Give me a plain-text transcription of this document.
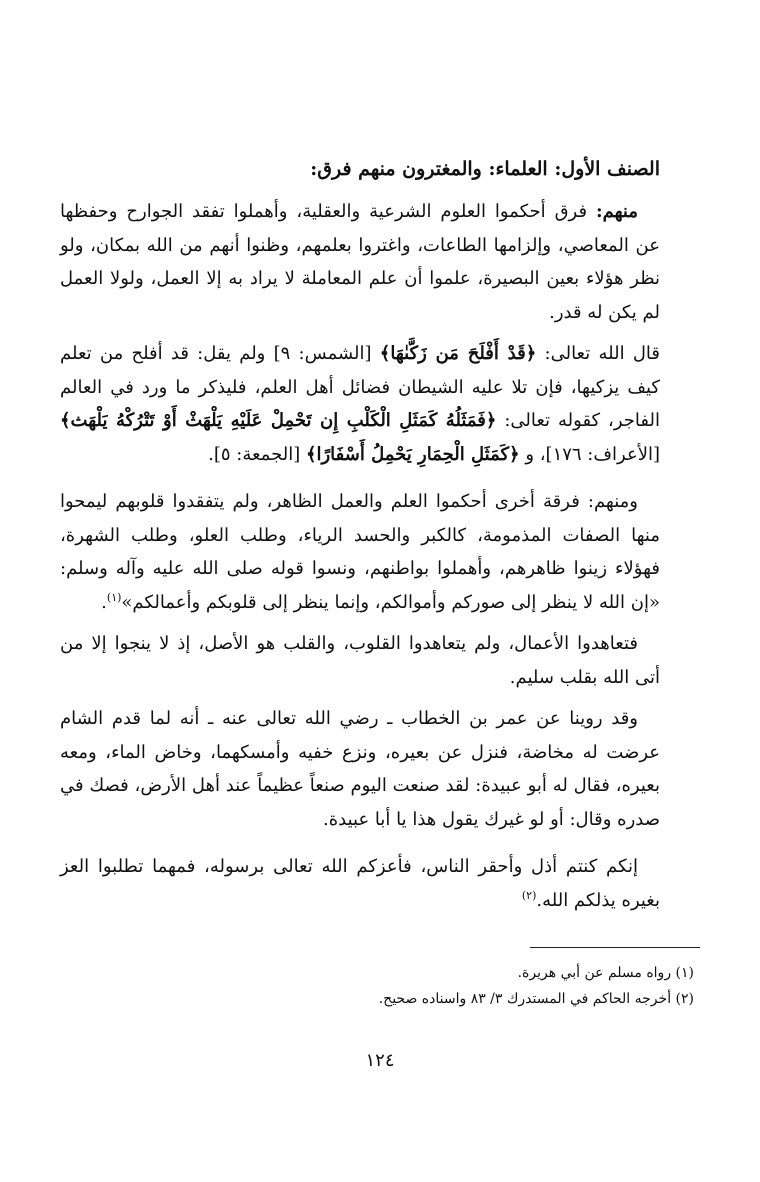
الصنف الأول: العلماء: والمغترون منهم فرق:

منهم: فرق أحكموا العلوم الشرعية والعقلية، وأهملوا تفقد الجوارح وحفظها عن المعاصي، وإلزامها الطاعات، واغتروا بعلمهم، وظنوا أنهم من الله بمكان، ولو نظر هؤلاء بعين البصيرة، علموا أن علم المعاملة لا يراد به إلا العمل، ولولا العمل لم يكن له قدر.

قال الله تعالى: ﴿قَدْ أَفْلَحَ مَن زَكَّىٰهَا﴾ [الشمس: ٩] ولم يقل: قد أفلح من تعلم كيف يزكيها، فإن تلا عليه الشيطان فضائل أهل العلم، فليذكر ما ورد في العالم الفاجر، كقوله تعالى: ﴿فَمَثَلُهُ كَمَثَلِ الْكَلْبِ إِن تَحْمِلْ عَلَيْهِ يَلْهَثْ أَوْ تَتْرُكْهُ يَلْهَث﴾ [الأعراف: ١٧٦]، و ﴿كَمَثَلِ الْحِمَارِ يَحْمِلُ أَسْفَارًا﴾ [الجمعة: ٥].

ومنهم: فرقة أخرى أحكموا العلم والعمل الظاهر، ولم يتفقدوا قلوبهم ليمحوا منها الصفات المذمومة، كالكبر والحسد الرياء، وطلب العلو، وطلب الشهرة، فهؤلاء زينوا ظاهرهم، وأهملوا بواطنهم، ونسوا قوله صلى الله عليه وآله وسلم: «إن الله لا ينظر إلى صوركم وأموالكم، وإنما ينظر إلى قلوبكم وأعمالكم»$^{(١)}$.

فتعاهدوا الأعمال، ولم يتعاهدوا القلوب، والقلب هو الأصل، إذ لا ينجوا إلا من أتى الله بقلب سليم.

وقد روينا عن عمر بن الخطاب ـ رضي الله تعالى عنه ـ أنه لما قدم الشام عرضت له مخاضة، فنزل عن بعيره، ونزع خفيه وأمسكهما، وخاض الماء، ومعه بعيره، فقال له أبو عبيدة: لقد صنعت اليوم صنعاً عظيماً عند أهل الأرض، فصك في صدره وقال: أو لو غيرك يقول هذا يا أبا عبيدة.

إنكم كنتم أذل وأحقر الناس، فأعزكم الله تعالى برسوله، فمهما تطلبوا العز بغيره يذلكم الله.$^{(٢)}$

(١) رواه مسلم عن أبي هريرة.

(٢) أخرجه الحاكم في المستدرك ٣/ ٨٣ واسناده صحيح.

١٢٤
